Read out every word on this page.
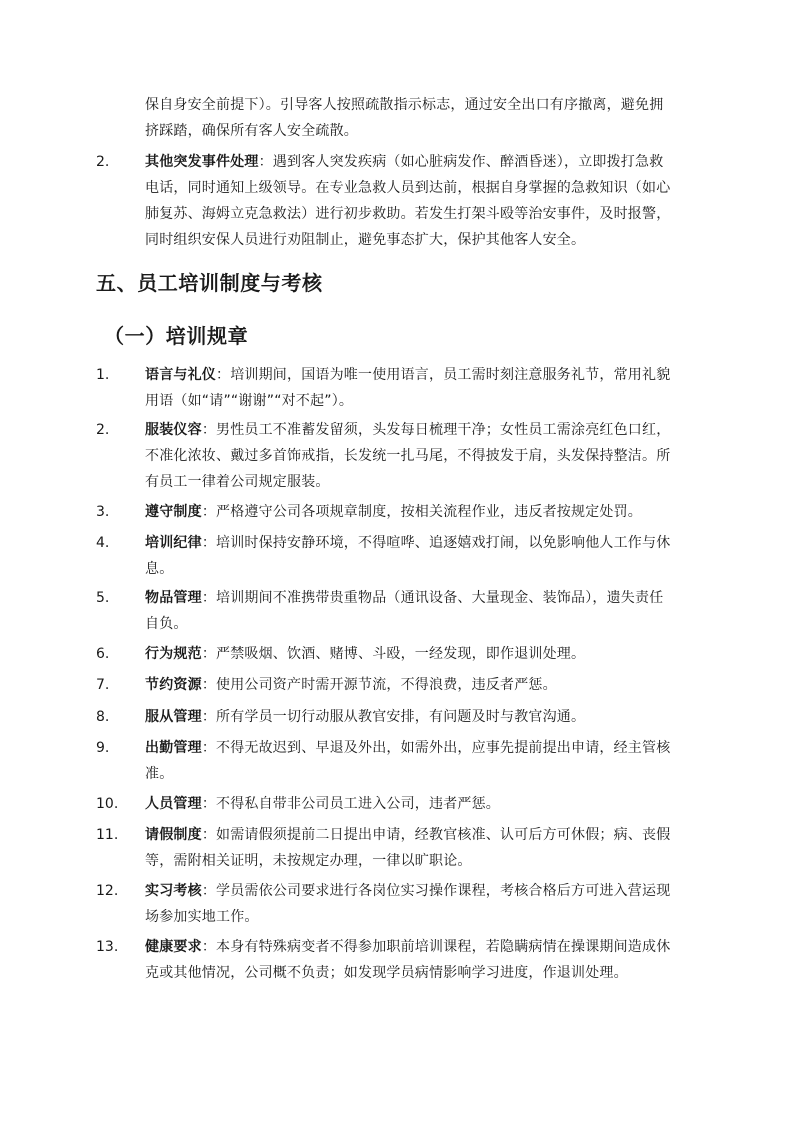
保自身安全前提下）。引导客人按照疏散指示标志，通过安全出口有序撤离，避免拥
挤踩踏，确保所有客人安全疏散。
2.	其他突发事件处理：遇到客人突发疾病（如心脏病发作、醉酒昏迷），立即拨打急救
电话，同时通知上级领导。在专业急救人员到达前，根据自身掌握的急救知识（如心
肺复苏、海姆立克急救法）进行初步救助。若发生打架斗殴等治安事件，及时报警，
同时组织安保人员进行劝阻制止，避免事态扩大，保护其他客人安全。
五、员工培训制度与考核
（一）培训规章
1.	语言与礼仪：培训期间，国语为唯一使用语言，员工需时刻注意服务礼节，常用礼貌
用语（如“请”“谢谢”“对不起”）。
2.	服装仪容：男性员工不准蓄发留须，头发每日梳理干净；女性员工需涂亮红色口红，
不准化浓妆、戴过多首饰戒指，长发统一扎马尾，不得披发于肩，头发保持整洁。所
有员工一律着公司规定服装。
3.	遵守制度：严格遵守公司各项规章制度，按相关流程作业，违反者按规定处罚。
4.	培训纪律：培训时保持安静环境，不得喧哗、追逐嬉戏打闹，以免影响他人工作与休
息。
5.	物品管理：培训期间不准携带贵重物品（通讯设备、大量现金、装饰品），遗失责任
自负。
6.	行为规范：严禁吸烟、饮酒、赌博、斗殴，一经发现，即作退训处理。
7.	节约资源：使用公司资产时需开源节流，不得浪费，违反者严惩。
8.	服从管理：所有学员一切行动服从教官安排，有问题及时与教官沟通。
9.	出勤管理：不得无故迟到、早退及外出，如需外出，应事先提前提出申请，经主管核
准。
10. 人员管理：不得私自带非公司员工进入公司，违者严惩。
11. 请假制度：如需请假须提前二日提出申请，经教官核准、认可后方可休假；病、丧假
等，需附相关证明，未按规定办理，一律以旷职论。
12. 实习考核：学员需依公司要求进行各岗位实习操作课程，考核合格后方可进入营运现
场参加实地工作。
13. 健康要求：本身有特殊病变者不得参加职前培训课程，若隐瞒病情在操课期间造成休
克或其他情况，公司概不负责；如发现学员病情影响学习进度，作退训处理。
